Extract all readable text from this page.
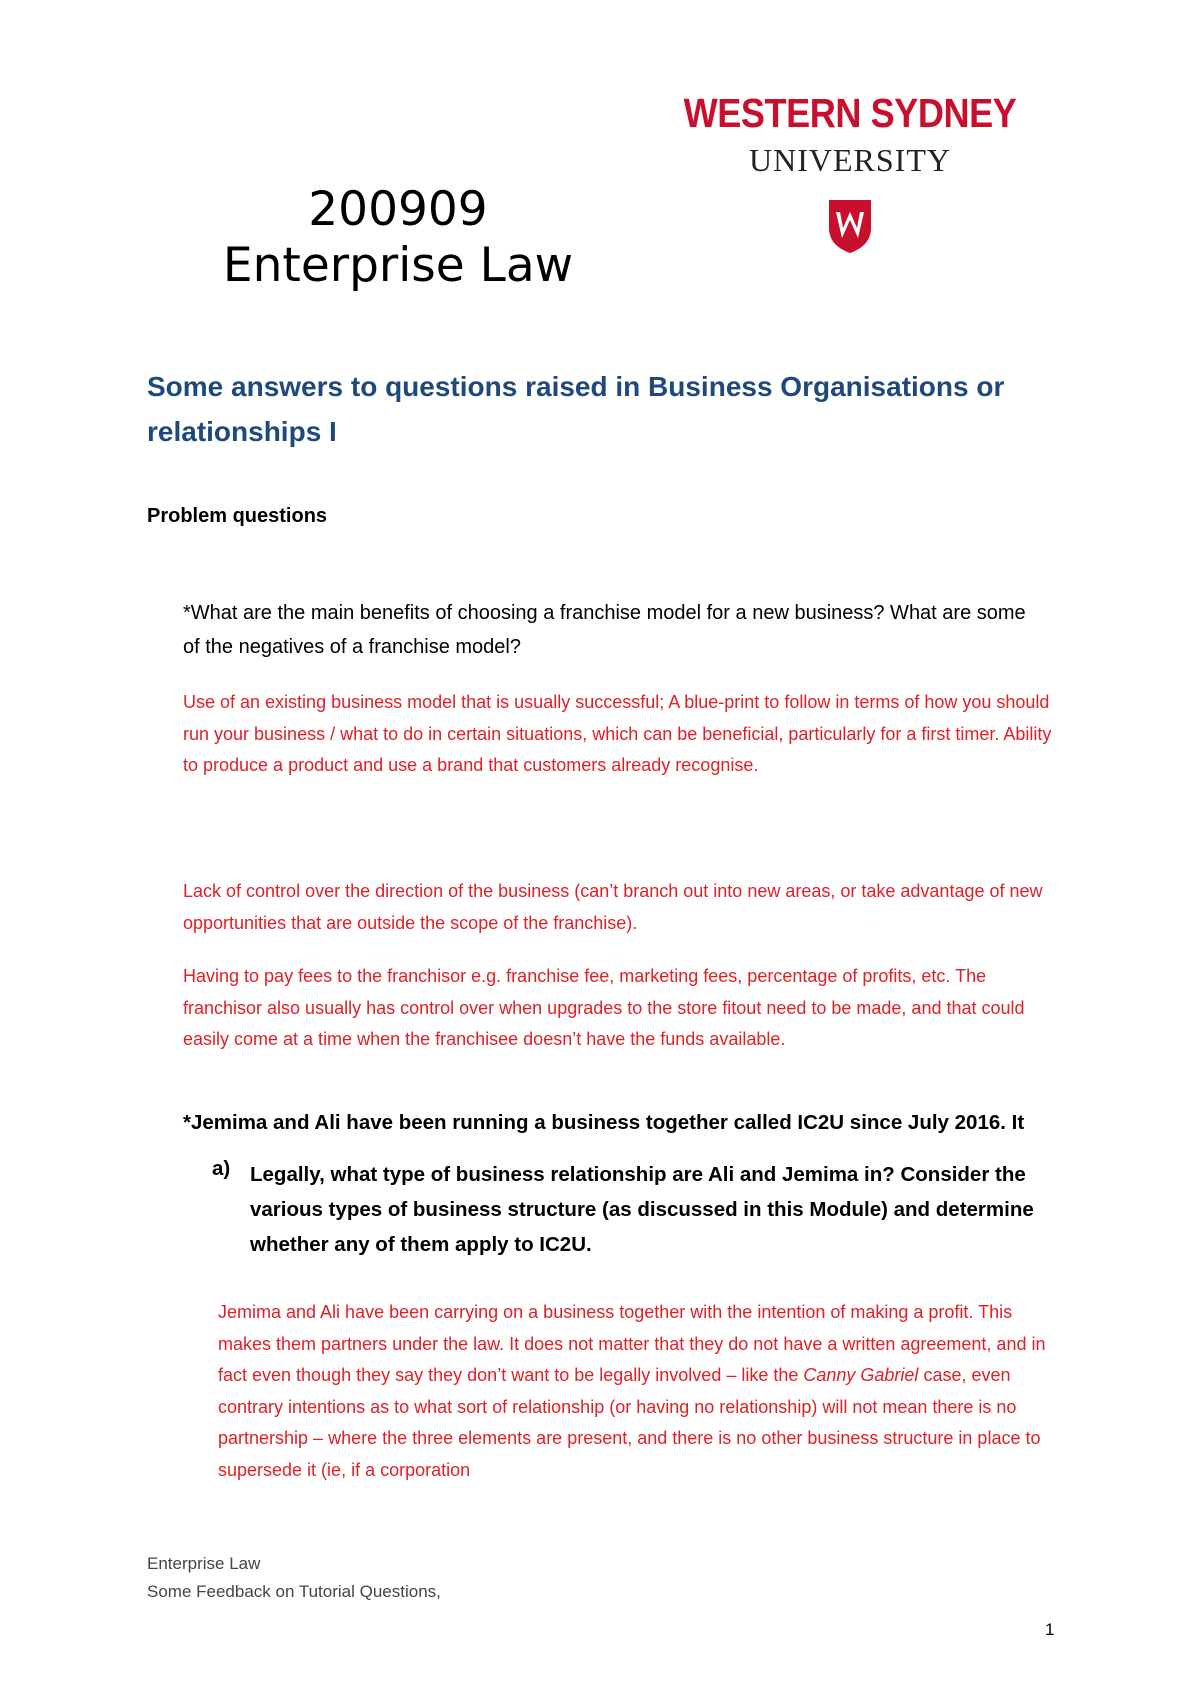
200909
Enterprise Law
WESTERN SYDNEY
UNIVERSITY
Some answers to questions raised in Business Organisations or relationships I
Problem questions
*What are the main benefits of choosing a franchise model for a new business? What are some of the negatives of a franchise model?
Use of an existing business model that is usually successful; A blue-print to follow in terms of how you should run your business / what to do in certain situations, which can be beneficial, particularly for a first timer. Ability to produce a product and use a brand that customers already recognise.
Lack of control over the direction of the business (can’t branch out into new areas, or take advantage of new opportunities that are outside the scope of the franchise).
Having to pay fees to the franchisor e.g. franchise fee, marketing fees, percentage of profits, etc. The franchisor also usually has control over when upgrades to the store fitout need to be made, and that could easily come at a time when the franchisee doesn’t have the funds available.
*Jemima and Ali have been running a business together called IC2U since July 2016. It
a) Legally, what type of business relationship are Ali and Jemima in? Consider the various types of business structure (as discussed in this Module) and determine whether any of them apply to IC2U.
Jemima and Ali have been carrying on a business together with the intention of making a profit. This makes them partners under the law. It does not matter that they do not have a written agreement, and in fact even though they say they don’t want to be legally involved – like the Canny Gabriel case, even contrary intentions as to what sort of relationship (or having no relationship) will not mean there is no partnership – where the three elements are present, and there is no other business structure in place to supersede it (ie, if a corporation
Enterprise Law
Some Feedback on Tutorial Questions,
1
